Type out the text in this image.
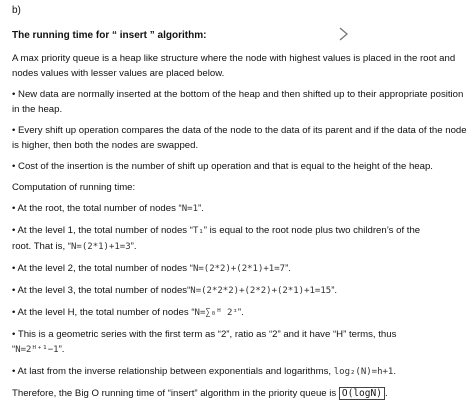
b)

The running time for “ insert ” algorithm:

A max priority queue is a heap like structure where the node with highest values is placed in the root and nodes values with lesser values are placed below.

• New data are normally inserted at the bottom of the heap and then shifted up to their appropriate position in the heap.

• Every shift up operation compares the data of the node to the data of its parent and if the data of the node is higher, then both the nodes are swapped.

• Cost of the insertion is the number of shift up operation and that is equal to the height of the heap.

Computation of running time:

• At the root, the total number of nodes “N=1”.

• At the level 1, the total number of nodes “T₁” is equal to the root node plus two children’s of the
root. That is, “N=(2*1)+1=3”.

• At the level 2, the total number of nodes “N=(2*2)+(2*1)+1=7”.

• At the level 3, the total number of nodes“N=(2*2*2)+(2*2)+(2*1)+1=15”.

• At the level H, the total number of nodes “N=∑₀ᴴ 2ᶦ”.

• This is a geometric series with the first term as “2”, ratio as “2” and it have “H” terms, thus
“N=2ᴴ⁺¹−1”.

• At last from the inverse relationship between exponentials and logarithms, log₂(N)=h+1.

Therefore, the Big O running time of “insert” algorithm in the priority queue is O(logN) .
